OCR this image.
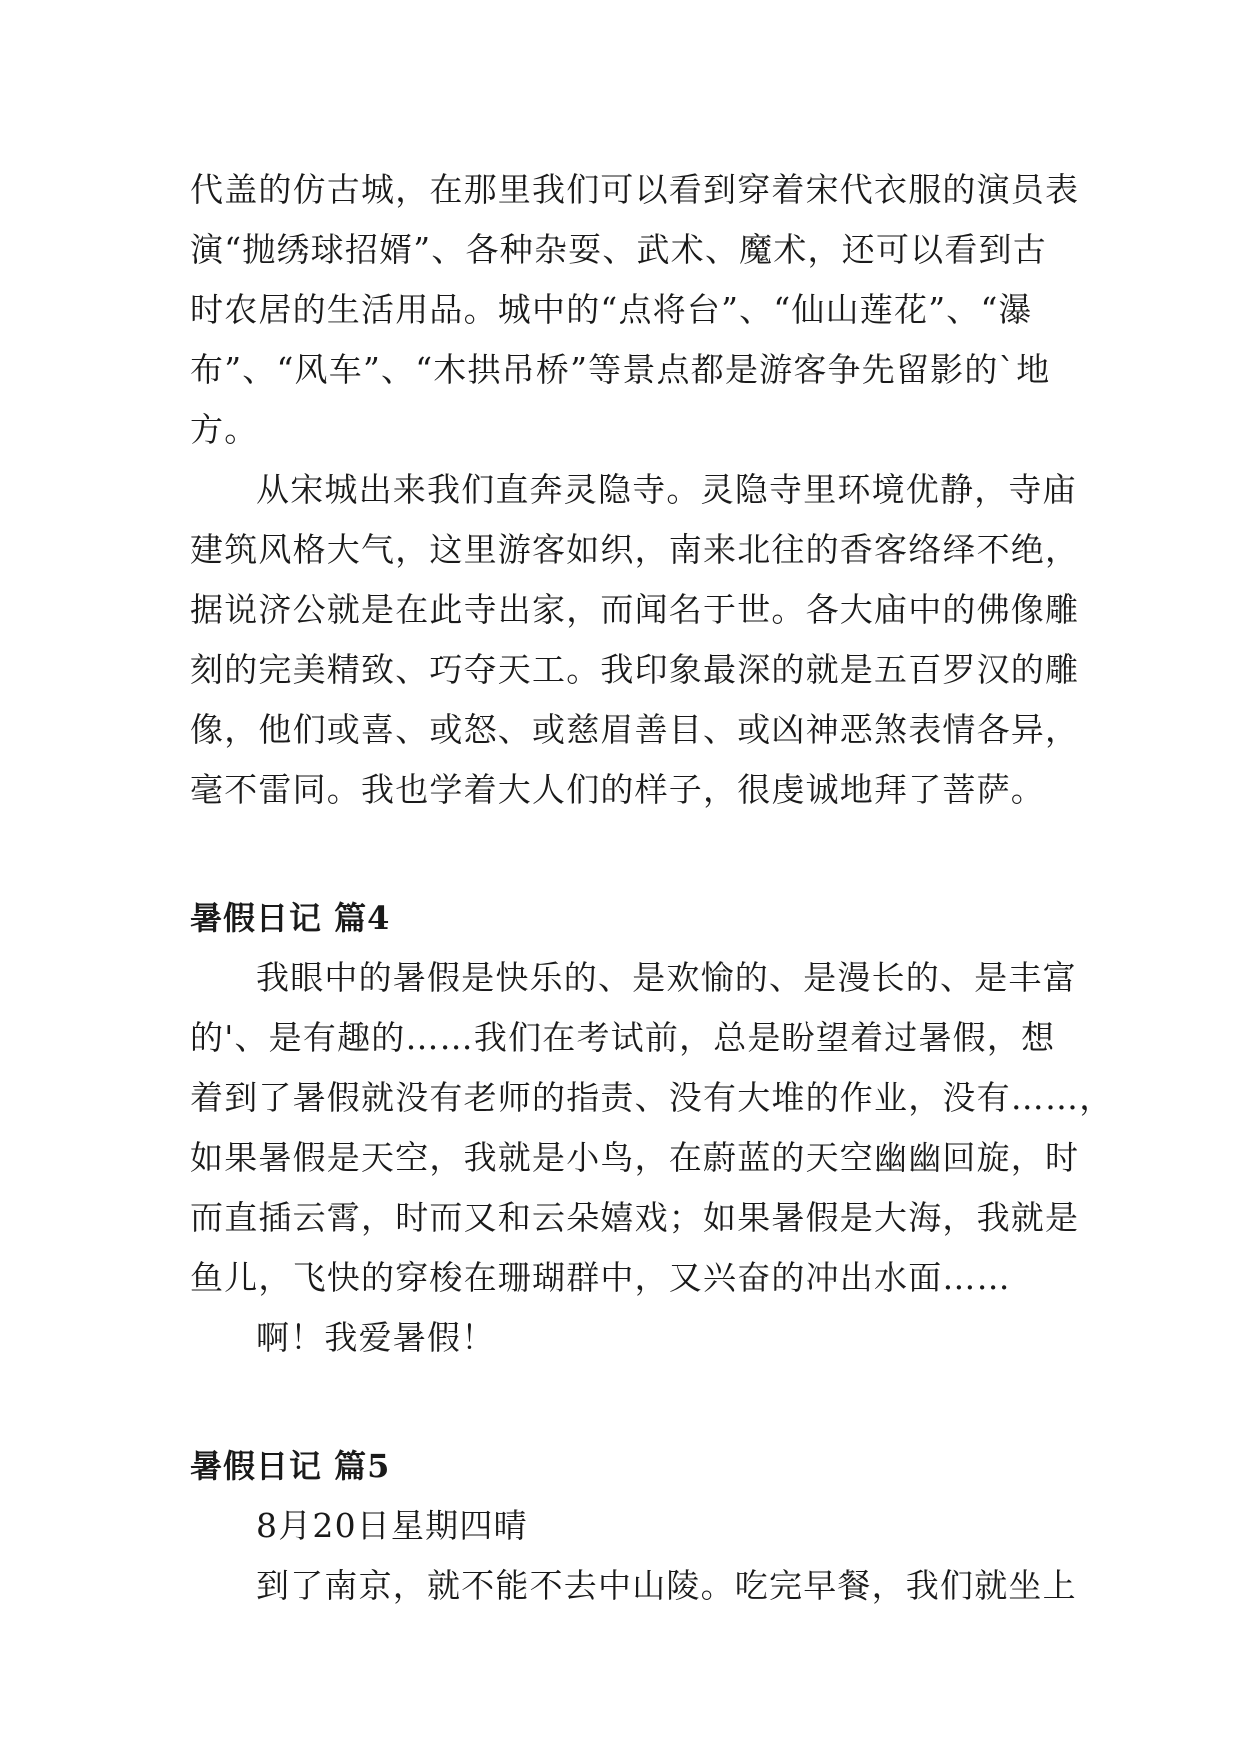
代盖的仿古城，在那里我们可以看到穿着宋代衣服的演员表

演“抛绣球招婿”、各种杂耍、武术、魔术，还可以看到古

时农居的生活用品。城中的“点将台”、“仙山莲花”、“瀑

布”、“风车”、“木拱吊桥”等景点都是游客争先留影的`地

方。

从宋城出来我们直奔灵隐寺。灵隐寺里环境优静，寺庙

建筑风格大气，这里游客如织，南来北往的香客络绎不绝，

据说济公就是在此寺出家，而闻名于世。各大庙中的佛像雕

刻的完美精致、巧夺天工。我印象最深的就是五百罗汉的雕

像，他们或喜、或怒、或慈眉善目、或凶神恶煞表情各异，

毫不雷同。我也学着大人们的样子，很虔诚地拜了菩萨。

暑假日记 篇4

我眼中的暑假是快乐的、是欢愉的、是漫长的、是丰富

的'、是有趣的……我们在考试前，总是盼望着过暑假，想

着到了暑假就没有老师的指责、没有大堆的作业，没有……，

如果暑假是天空，我就是小鸟，在蔚蓝的天空幽幽回旋，时

而直插云霄，时而又和云朵嬉戏；如果暑假是大海，我就是

鱼儿，飞快的穿梭在珊瑚群中，又兴奋的冲出水面……

啊！我爱暑假！

暑假日记 篇5

8月20日星期四晴

到了南京，就不能不去中山陵。吃完早餐，我们就坐上
